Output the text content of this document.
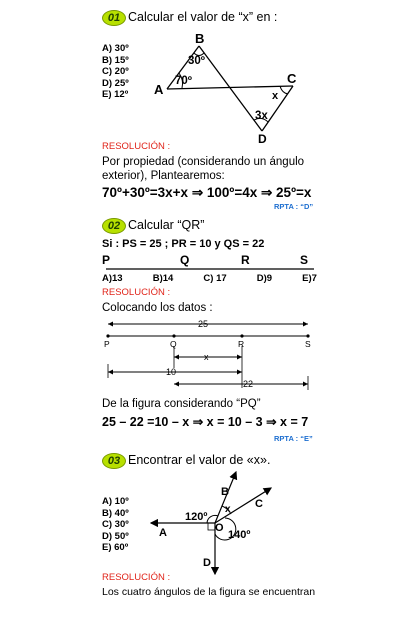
01 Calcular el valor de “x” en :
A) 30º
B) 15º
C) 20º
D) 25º
E) 12º
B
30º
70º
A
C
x
3x
D
RESOLUCIÓN :
Por propiedad (considerando un ángulo
exterior), Plantearemos:
70º+30º=3x+x ⇒ 100º=4x ⇒ 25º=x
RPTA : “D”
02 Calcular “QR”
Si : PS = 25 ; PR = 10 y QS = 22
P	Q	R	S
A)13	B)14	C) 17	D)9	E)7
RESOLUCIÓN :
Colocando los datos :
25
P	Q	R	S
x
10
22
De la figura considerando “PQ”
25 – 22 =10 – x ⇒ x = 10 – 3 ⇒ x = 7
RPTA : “E”
03 Encontrar el valor de «x».
A) 10º
B) 40º
C) 30º
D) 50º
E) 60º
B
C
x
120º
A	O
140º
D
RESOLUCIÓN :
Los cuatro ángulos de la figura se encuentran
